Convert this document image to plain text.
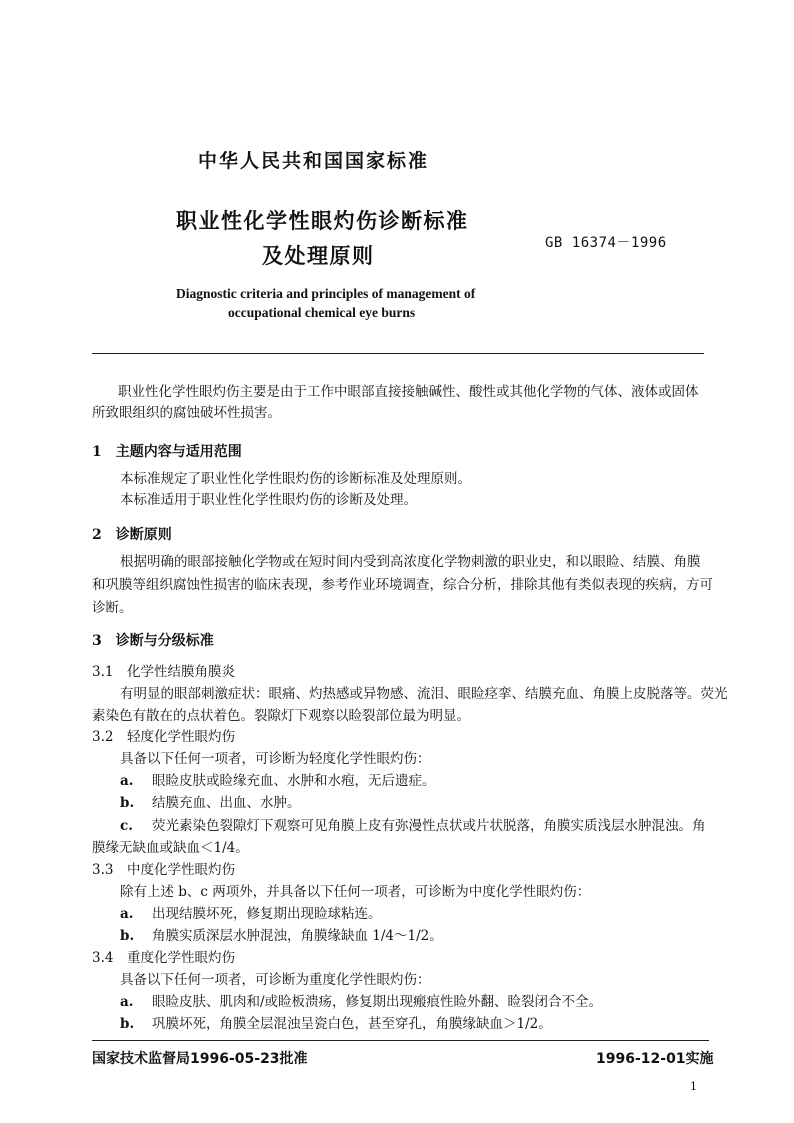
中华人民共和国国家标准
职业性化学性眼灼伤诊断标准
及处理原则
GB 16374－1996
Diagnostic criteria and principles of management of
occupational chemical eye burns
职业性化学性眼灼伤主要是由于工作中眼部直接接触碱性、酸性或其他化学物的气体、液体或固体
所致眼组织的腐蚀破坏性损害。
1　主题内容与适用范围
本标准规定了职业性化学性眼灼伤的诊断标准及处理原则。
本标准适用于职业性化学性眼灼伤的诊断及处理。
2　诊断原则
根据明确的眼部接触化学物或在短时间内受到高浓度化学物刺激的职业史，和以眼睑、结膜、角膜
和巩膜等组织腐蚀性损害的临床表现，参考作业环境调查，综合分析，排除其他有类似表现的疾病，方可
诊断。
3　诊断与分级标准
3.1　化学性结膜角膜炎
有明显的眼部刺激症状：眼痛、灼热感或异物感、流泪、眼睑痉挛、结膜充血、角膜上皮脱落等。荧光
素染色有散在的点状着色。裂隙灯下观察以睑裂部位最为明显。
3.2　轻度化学性眼灼伤
具备以下任何一项者，可诊断为轻度化学性眼灼伤：
a. 眼睑皮肤或睑缘充血、水肿和水疱，无后遗症。
b. 结膜充血、出血、水肿。
c. 荧光素染色裂隙灯下观察可见角膜上皮有弥漫性点状或片状脱落，角膜实质浅层水肿混浊。角
膜缘无缺血或缺血＜1/4。
3.3　中度化学性眼灼伤
除有上述 b、c 两项外，并具备以下任何一项者，可诊断为中度化学性眼灼伤：
a. 出现结膜坏死，修复期出现睑球粘连。
b. 角膜实质深层水肿混浊，角膜缘缺血 1/4～1/2。
3.4　重度化学性眼灼伤
具备以下任何一项者，可诊断为重度化学性眼灼伤：
a. 眼睑皮肤、肌肉和/或睑板溃疡，修复期出现瘢痕性睑外翻、睑裂闭合不全。
b. 巩膜坏死，角膜全层混浊呈瓷白色，甚至穿孔，角膜缘缺血＞1/2。
国家技术监督局1996-05-23批准	1996-12-01实施
1
